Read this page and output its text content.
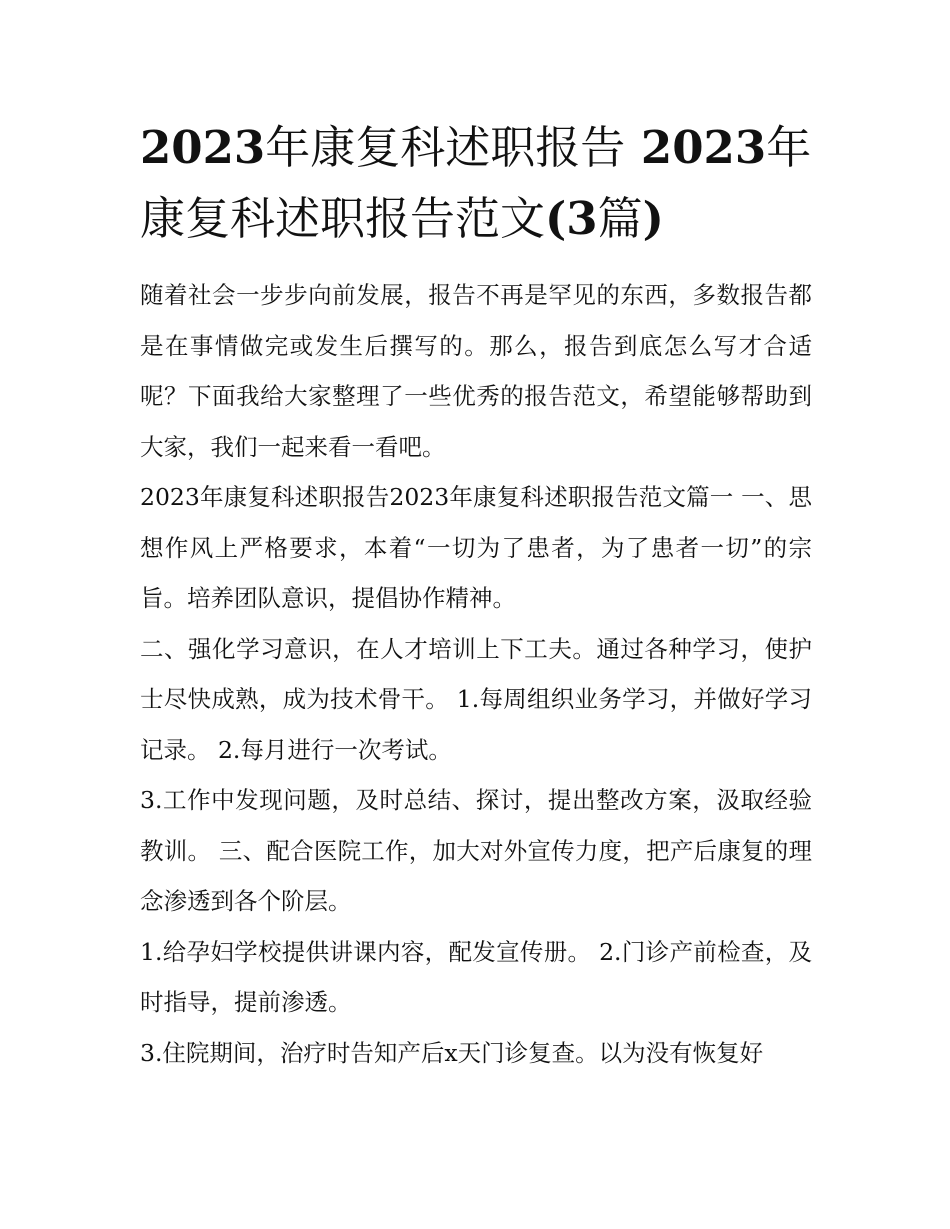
2023年康复科述职报告 2023年康复科述职报告范文(3篇)

随着社会一步步向前发展，报告不再是罕见的东西，多数报告都是在事情做完或发生后撰写的。那么，报告到底怎么写才合适呢？下面我给大家整理了一些优秀的报告范文，希望能够帮助到大家，我们一起来看一看吧。

2023年康复科述职报告2023年康复科述职报告范文篇一 一、思想作风上严格要求，本着“一切为了患者，为了患者一切”的宗旨。培养团队意识，提倡协作精神。

二、强化学习意识，在人才培训上下工夫。通过各种学习，使护士尽快成熟，成为技术骨干。 1.每周组织业务学习，并做好学习记录。 2.每月进行一次考试。

3.工作中发现问题，及时总结、探讨，提出整改方案，汲取经验教训。 三、配合医院工作，加大对外宣传力度，把产后康复的理念渗透到各个阶层。

1.给孕妇学校提供讲课内容，配发宣传册。 2.门诊产前检查，及时指导，提前渗透。

3.住院期间，治疗时告知产后x天门诊复查。以为没有恢复好
